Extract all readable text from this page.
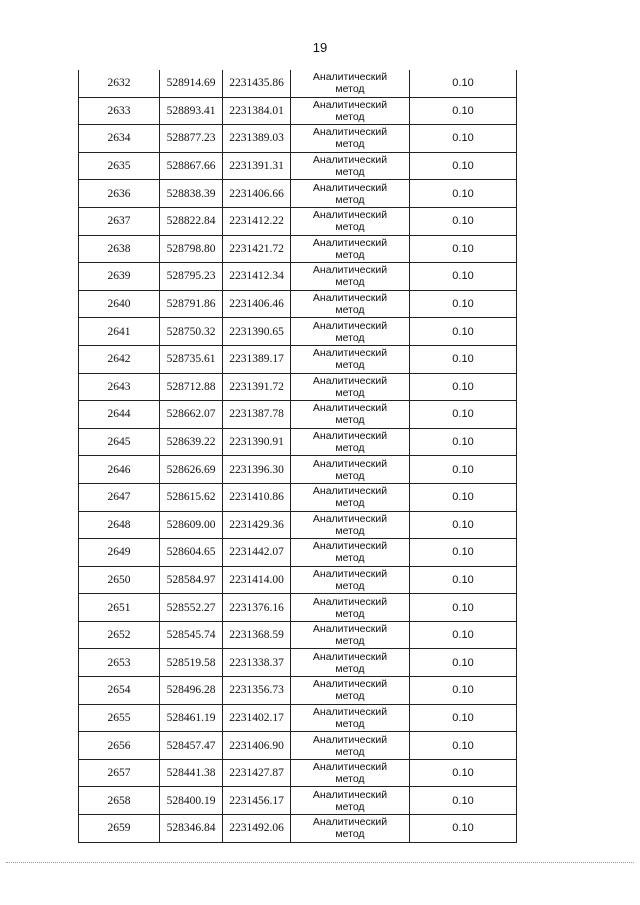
19
2632	528914.69	2231435.86	Аналитический
метод	0.10
2633	528893.41	2231384.01	Аналитический
метод	0.10
2634	528877.23	2231389.03	Аналитический
метод	0.10
2635	528867.66	2231391.31	Аналитический
метод	0.10
2636	528838.39	2231406.66	Аналитический
метод	0.10
2637	528822.84	2231412.22	Аналитический
метод	0.10
2638	528798.80	2231421.72	Аналитический
метод	0.10
2639	528795.23	2231412.34	Аналитический
метод	0.10
2640	528791.86	2231406.46	Аналитический
метод	0.10
2641	528750.32	2231390.65	Аналитический
метод	0.10
2642	528735.61	2231389.17	Аналитический
метод	0.10
2643	528712.88	2231391.72	Аналитический
метод	0.10
2644	528662.07	2231387.78	Аналитический
метод	0.10
2645	528639.22	2231390.91	Аналитический
метод	0.10
2646	528626.69	2231396.30	Аналитический
метод	0.10
2647	528615.62	2231410.86	Аналитический
метод	0.10
2648	528609.00	2231429.36	Аналитический
метод	0.10
2649	528604.65	2231442.07	Аналитический
метод	0.10
2650	528584.97	2231414.00	Аналитический
метод	0.10
2651	528552.27	2231376.16	Аналитический
метод	0.10
2652	528545.74	2231368.59	Аналитический
метод	0.10
2653	528519.58	2231338.37	Аналитический
метод	0.10
2654	528496.28	2231356.73	Аналитический
метод	0.10
2655	528461.19	2231402.17	Аналитический
метод	0.10
2656	528457.47	2231406.90	Аналитический
метод	0.10
2657	528441.38	2231427.87	Аналитический
метод	0.10
2658	528400.19	2231456.17	Аналитический
метод	0.10
2659	528346.84	2231492.06	Аналитический
метод	0.10
